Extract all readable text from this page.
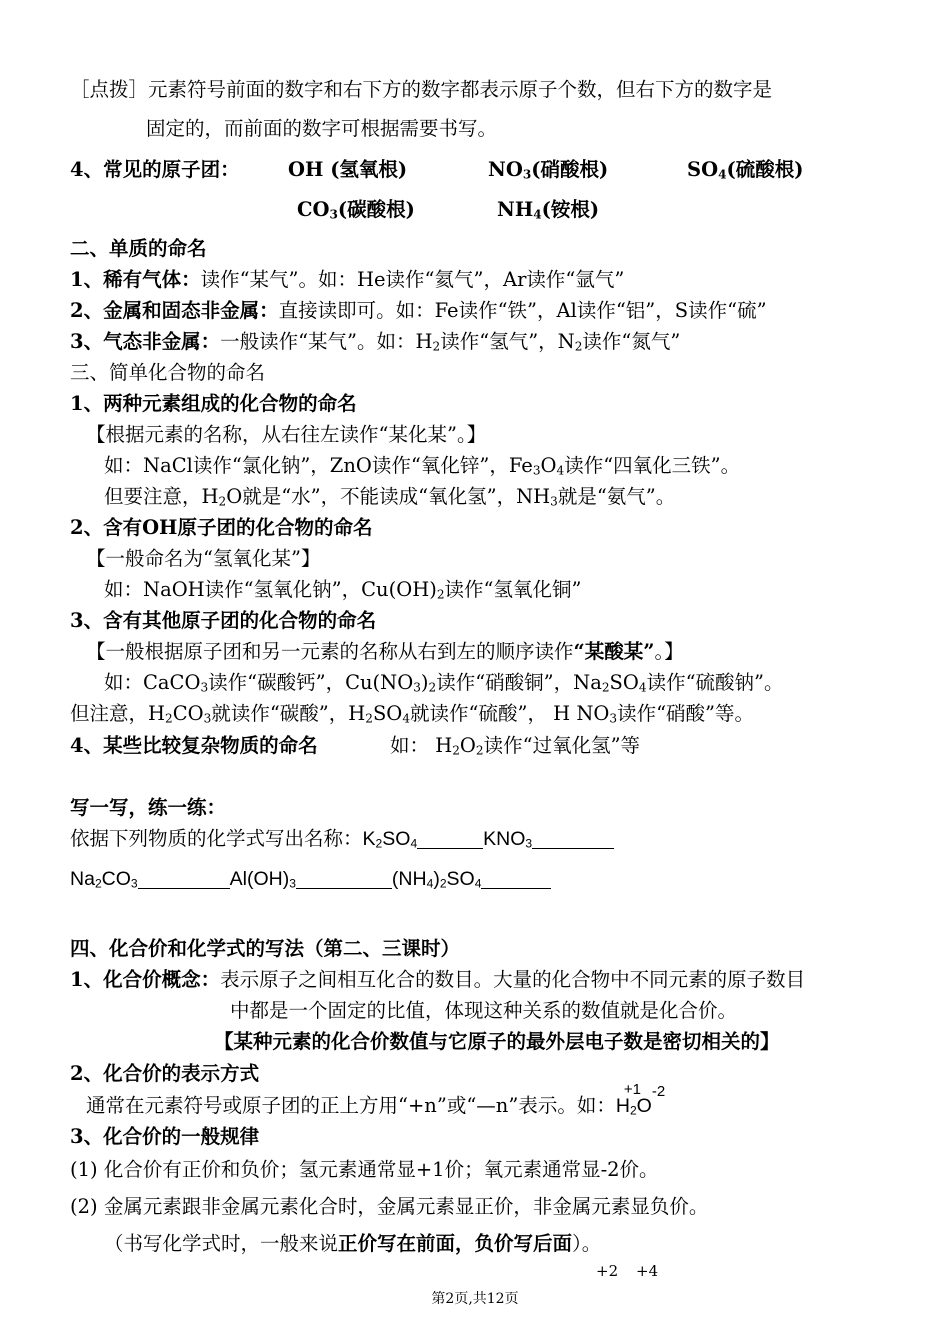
［点拨］元素符号前面的数字和右下方的数字都表示原子个数，但右下方的数字是
固定的，而前面的数字可根据需要书写。
4、常见的原子团： OH (氢氧根)	NO3(硝酸根)	SO4(硫酸根)
CO3(碳酸根)	NH4(铵根)
二、单质的命名
1、稀有气体：读作“某气”。如：He读作“氦气”，Ar读作“氩气”
2、金属和固态非金属：直接读即可。如：Fe读作“铁”，Al读作“铝”，S读作“硫”
3、气态非金属：一般读作“某气”。如：H2读作“氢气”，N2读作“氮气”
三、简单化合物的命名
1、两种元素组成的化合物的命名
【根据元素的名称，从右往左读作“某化某”。】
如：NaCl读作“氯化钠”，ZnO读作“氧化锌”，Fe3O4读作“四氧化三铁”。
但要注意，H2O就是“水”，不能读成“氧化氢”，NH3就是“氨气”。
2、含有OH原子团的化合物的命名
【一般命名为“氢氧化某”】
如：NaOH读作“氢氧化钠”，Cu(OH)2读作“氢氧化铜”
3、含有其他原子团的化合物的命名
【一般根据原子团和另一元素的名称从右到左的顺序读作“某酸某”。】
如：CaCO3读作“碳酸钙”，Cu(NO3)2读作“硝酸铜”，Na2SO4读作“硫酸钠”。
但注意，H2CO3就读作“碳酸”，H2SO4就读作“硫酸”， H NO3读作“硝酸”等。
4、某些比较复杂物质的命名	如： H2O2读作“过氧化氢”等
写一写，练一练：
依据下列物质的化学式写出名称：K2SO4	KNO3
Na2CO3	Al(OH)3	(NH4)2SO4
四、化合价和化学式的写法（第二、三课时）
1、化合价概念：表示原子之间相互化合的数目。大量的化合物中不同元素的原子数目
中都是一个固定的比值，体现这种关系的数值就是化合价。
【某种元素的化合价数值与它原子的最外层电子数是密切相关的】
2、化合价的表示方式
通常在元素符号或原子团的正上方用“+n”或“—n”表示。如：
+1 -2
H2O
3、化合价的一般规律
(1) 化合价有正价和负价；氢元素通常显+1价；氧元素通常显-2价。
(2) 金属元素跟非金属元素化合时，金属元素显正价，非金属元素显负价。
（书写化学式时，一般来说正价写在前面，负价写后面）。
+2 +4
第2页,共12页
